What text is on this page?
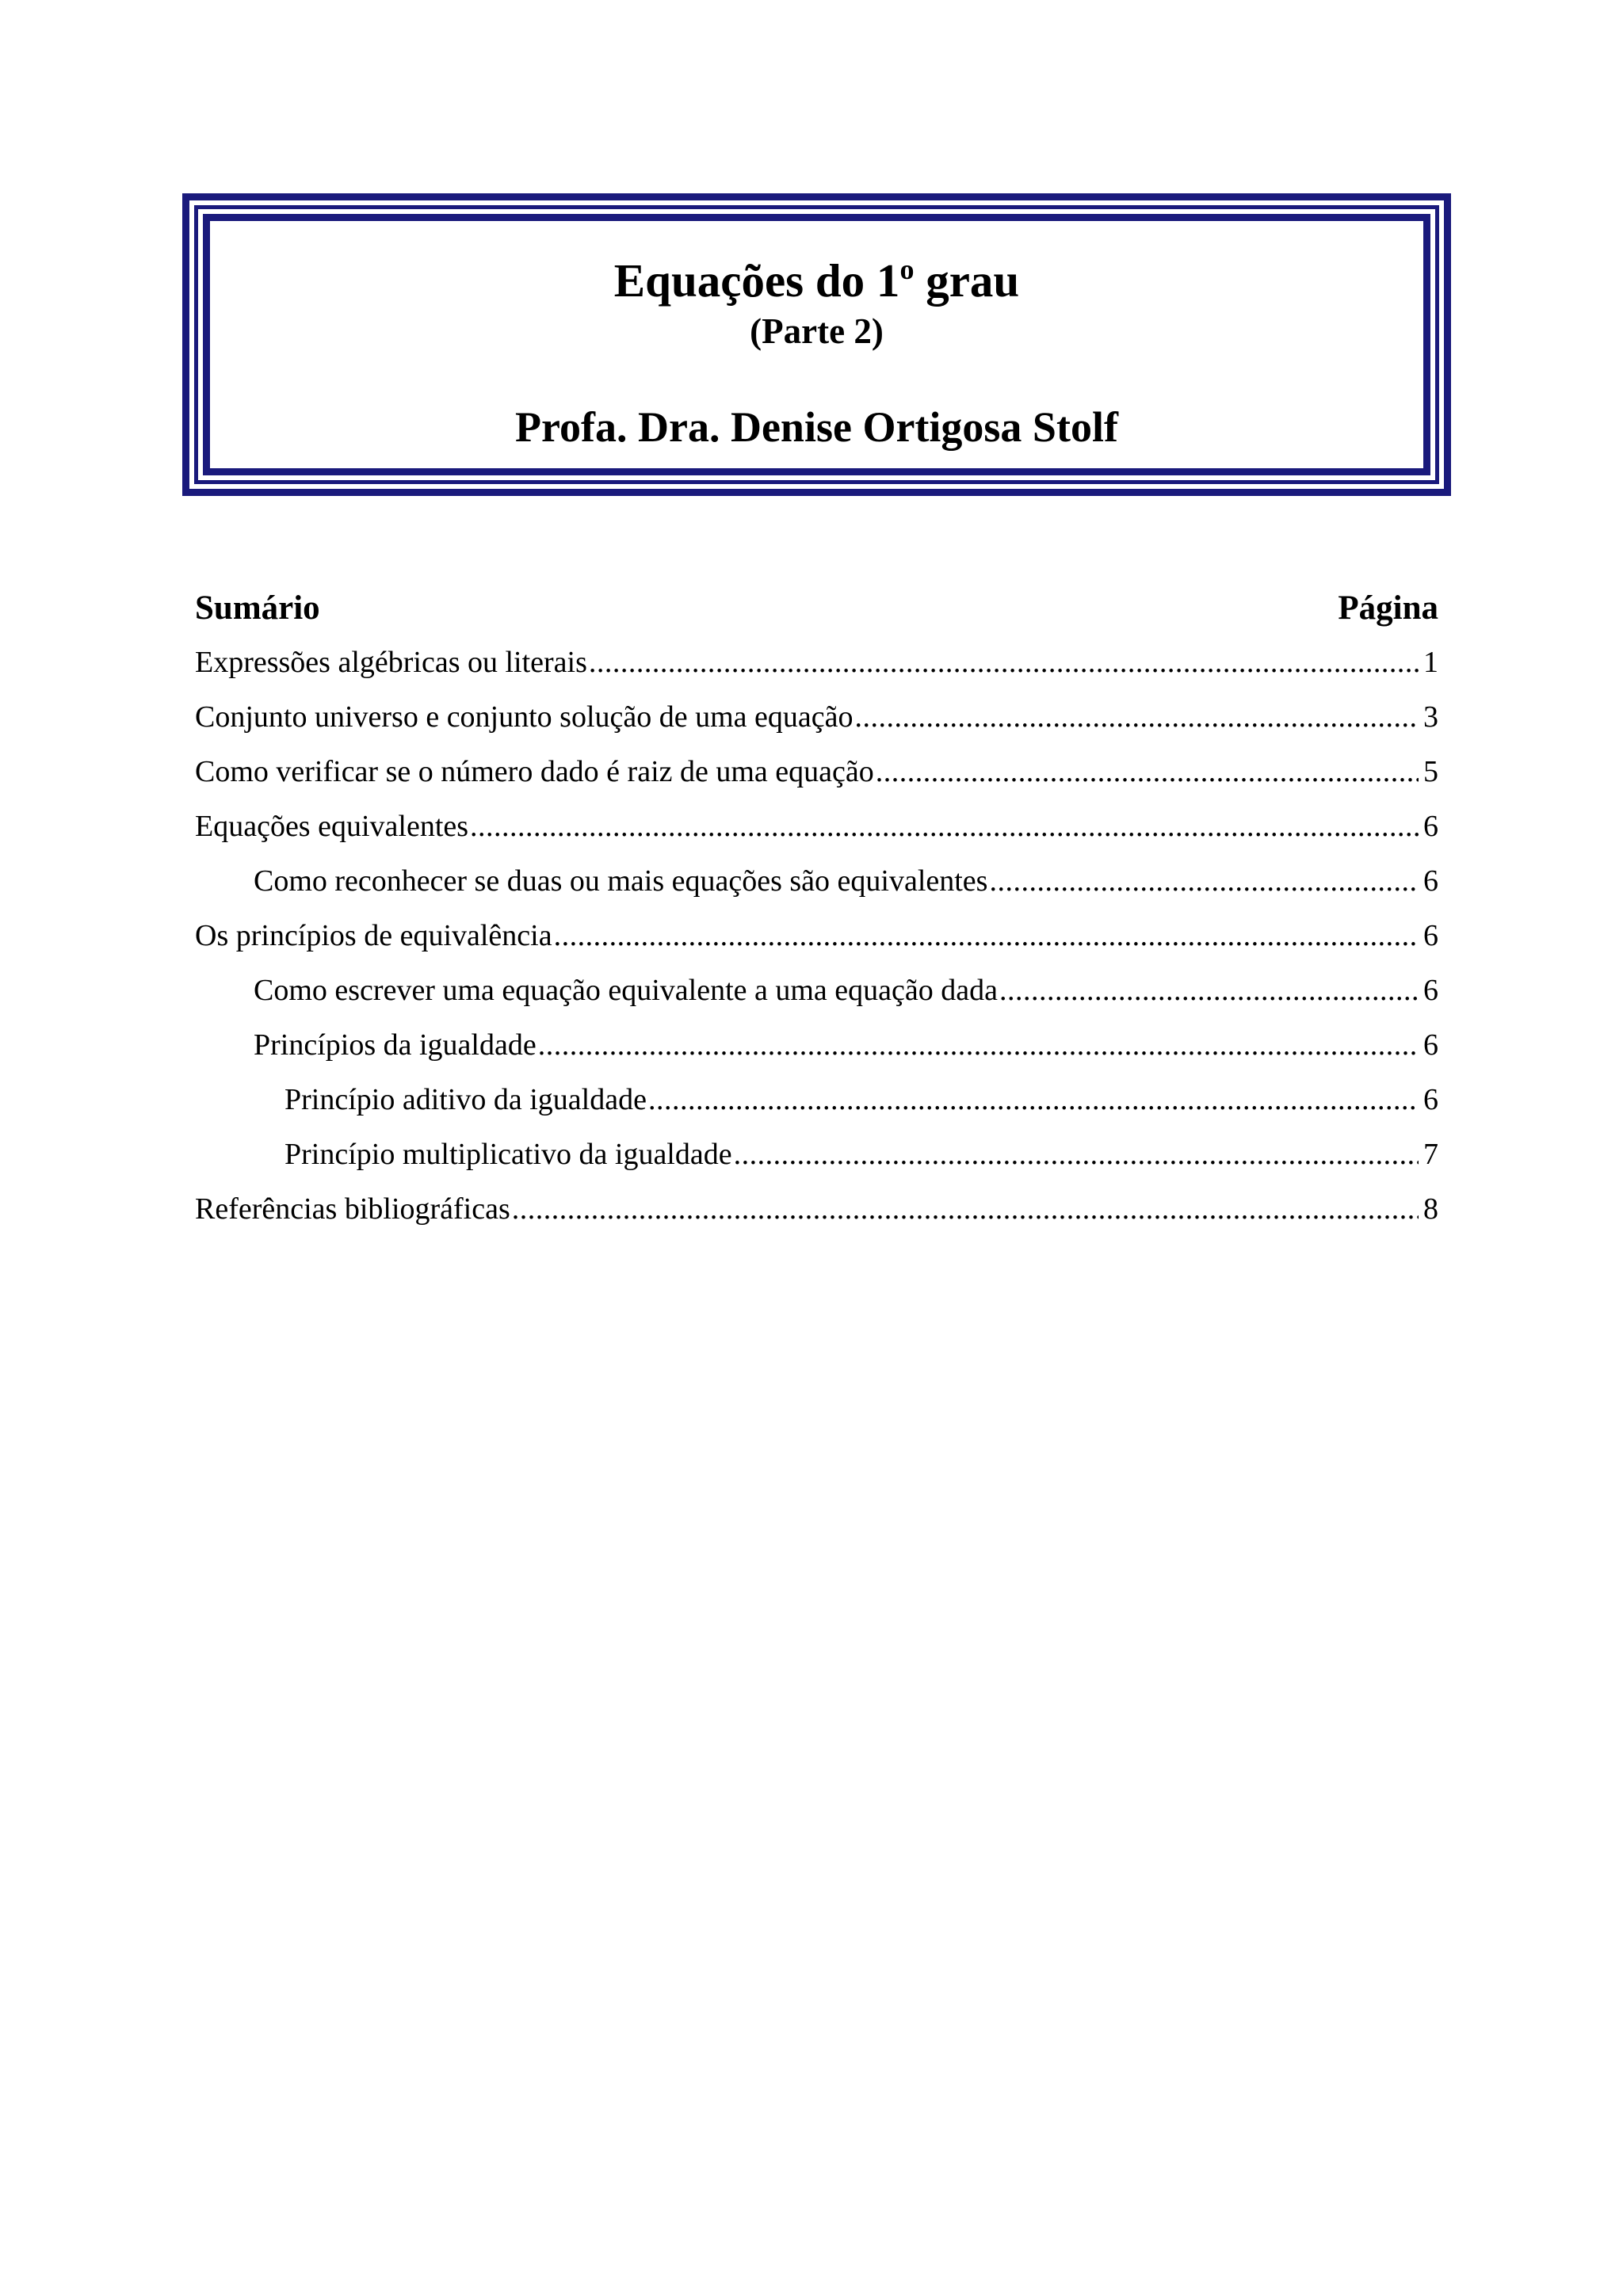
Equações do 1$^o$ grau
(Parte 2)
Profa. Dra. Denise Ortigosa Stolf
Sumário	Página
Expressões algébricas ou literais .....	1
Conjunto universo e conjunto solução de uma equação .....	3
Como verificar se o número dado é raiz de uma equação .....	5
Equações equivalentes .....	6
Como reconhecer se duas ou mais equações são equivalentes .....	6
Os princípios de equivalência .....	6
Como escrever uma equação equivalente a uma equação dada .....	6
Princípios da igualdade .....	6
Princípio aditivo da igualdade .....	6
Princípio multiplicativo da igualdade .....	7
Referências bibliográficas .....	8
